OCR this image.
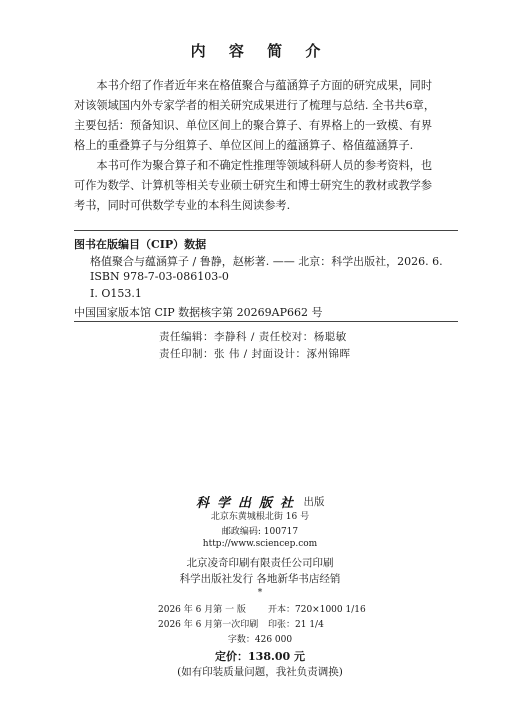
内 容 简 介

本书介绍了作者近年来在格值聚合与蕴涵算子方面的研究成果，同时

对该领域国内外专家学者的相关研究成果进行了梳理与总结. 全书共6章，

主要包括：预备知识、单位区间上的聚合算子、有界格上的一致模、有界

格上的重叠算子与分组算子、单位区间上的蕴涵算子、格值蕴涵算子.

本书可作为聚合算子和不确定性推理等领域科研人员的参考资料，也

可作为数学、计算机等相关专业硕士研究生和博士研究生的教材或教学参

考书，同时可供数学专业的本科生阅读参考.

图书在版编目（CIP）数据
格值聚合与蕴涵算子 / 鲁静，赵彬著. —— 北京：科学出版社，2026. 6.
ISBN 978-7-03-086103-0
Ⅰ. O153.1
中国国家版本馆 CIP 数据核字第 20269AP662 号
责任编辑：李静科 / 责任校对：杨聪敏
责任印制：张 伟 / 封面设计：涿州锦晖
科学出版社 出版
北京东黄城根北街 16 号
邮政编码: 100717
http://www.sciencep.com
北京凌奇印刷有限责任公司印刷
科学出版社发行 各地新华书店经销
*
2026 年 6 月第 一 版 开本：720×1000 1/16
2026 年 6 月第一次印刷 印张：21 1/4
字数：426 000
定价：138.00 元
(如有印装质量问题，我社负责调换)
